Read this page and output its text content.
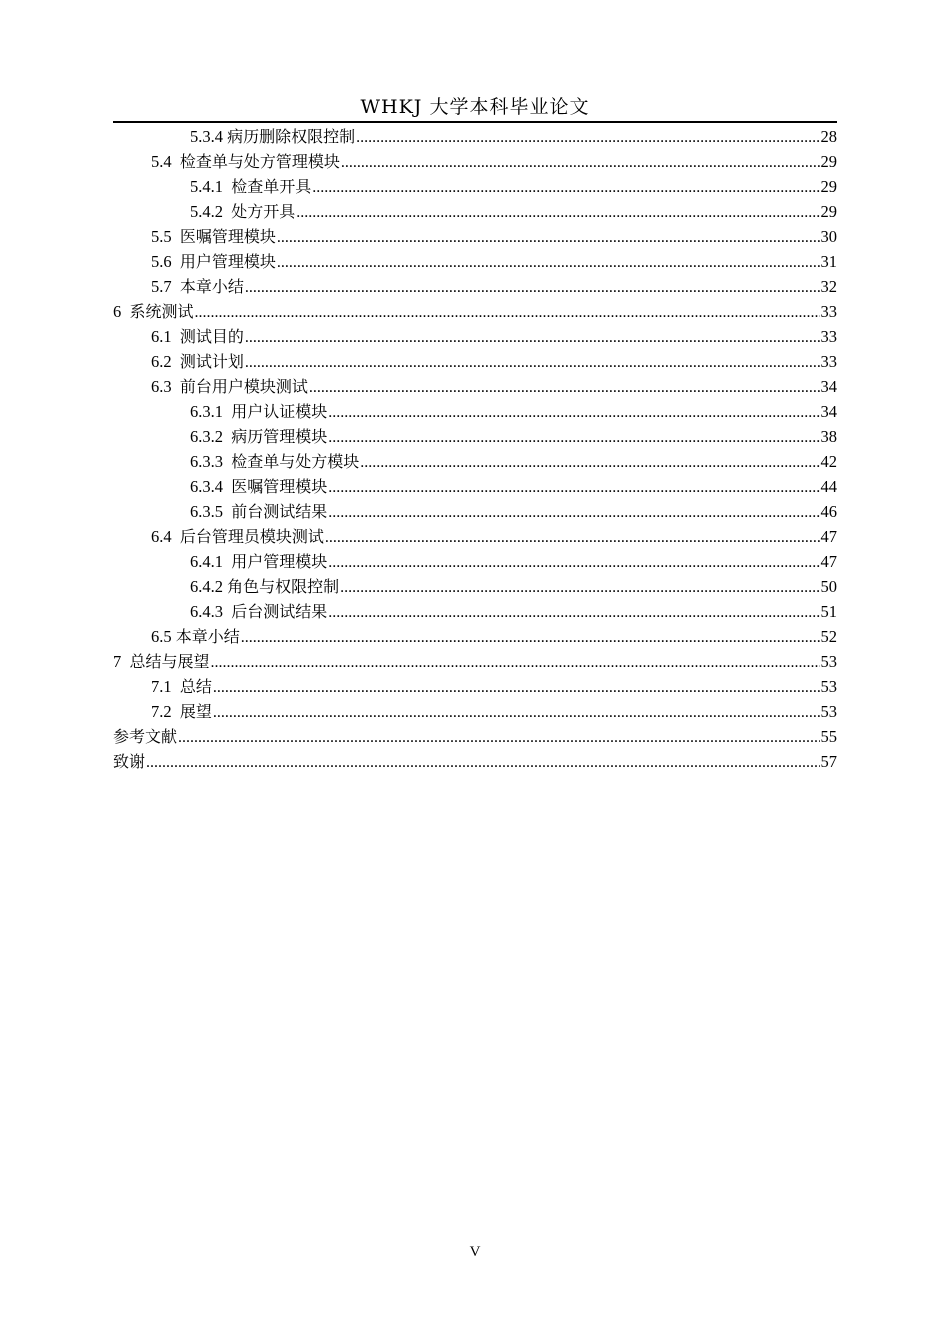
WHKJ 大学本科毕业论文
5.3.4 病历删除权限控制 .....	28
5.4  检查单与处方管理模块 .....	29
5.4.1  检查单开具 .....	29
5.4.2  处方开具 .....	29
5.5  医嘱管理模块 .....	30
5.6  用户管理模块 .....	31
5.7  本章小结 .....	32
6  系统测试 .....	33
6.1  测试目的 .....	33
6.2  测试计划 .....	33
6.3  前台用户模块测试 .....	34
6.3.1  用户认证模块 .....	34
6.3.2  病历管理模块 .....	38
6.3.3  检查单与处方模块 .....	42
6.3.4  医嘱管理模块 .....	44
6.3.5  前台测试结果 .....	46
6.4  后台管理员模块测试 .....	47
6.4.1  用户管理模块 .....	47
6.4.2 角色与权限控制 .....	50
6.4.3  后台测试结果 .....	51
6.5 本章小结 .....	52
7  总结与展望 .....	53
7.1  总结 .....	53
7.2  展望 .....	53
参考文献 .....	55
致谢 .....	57
V
